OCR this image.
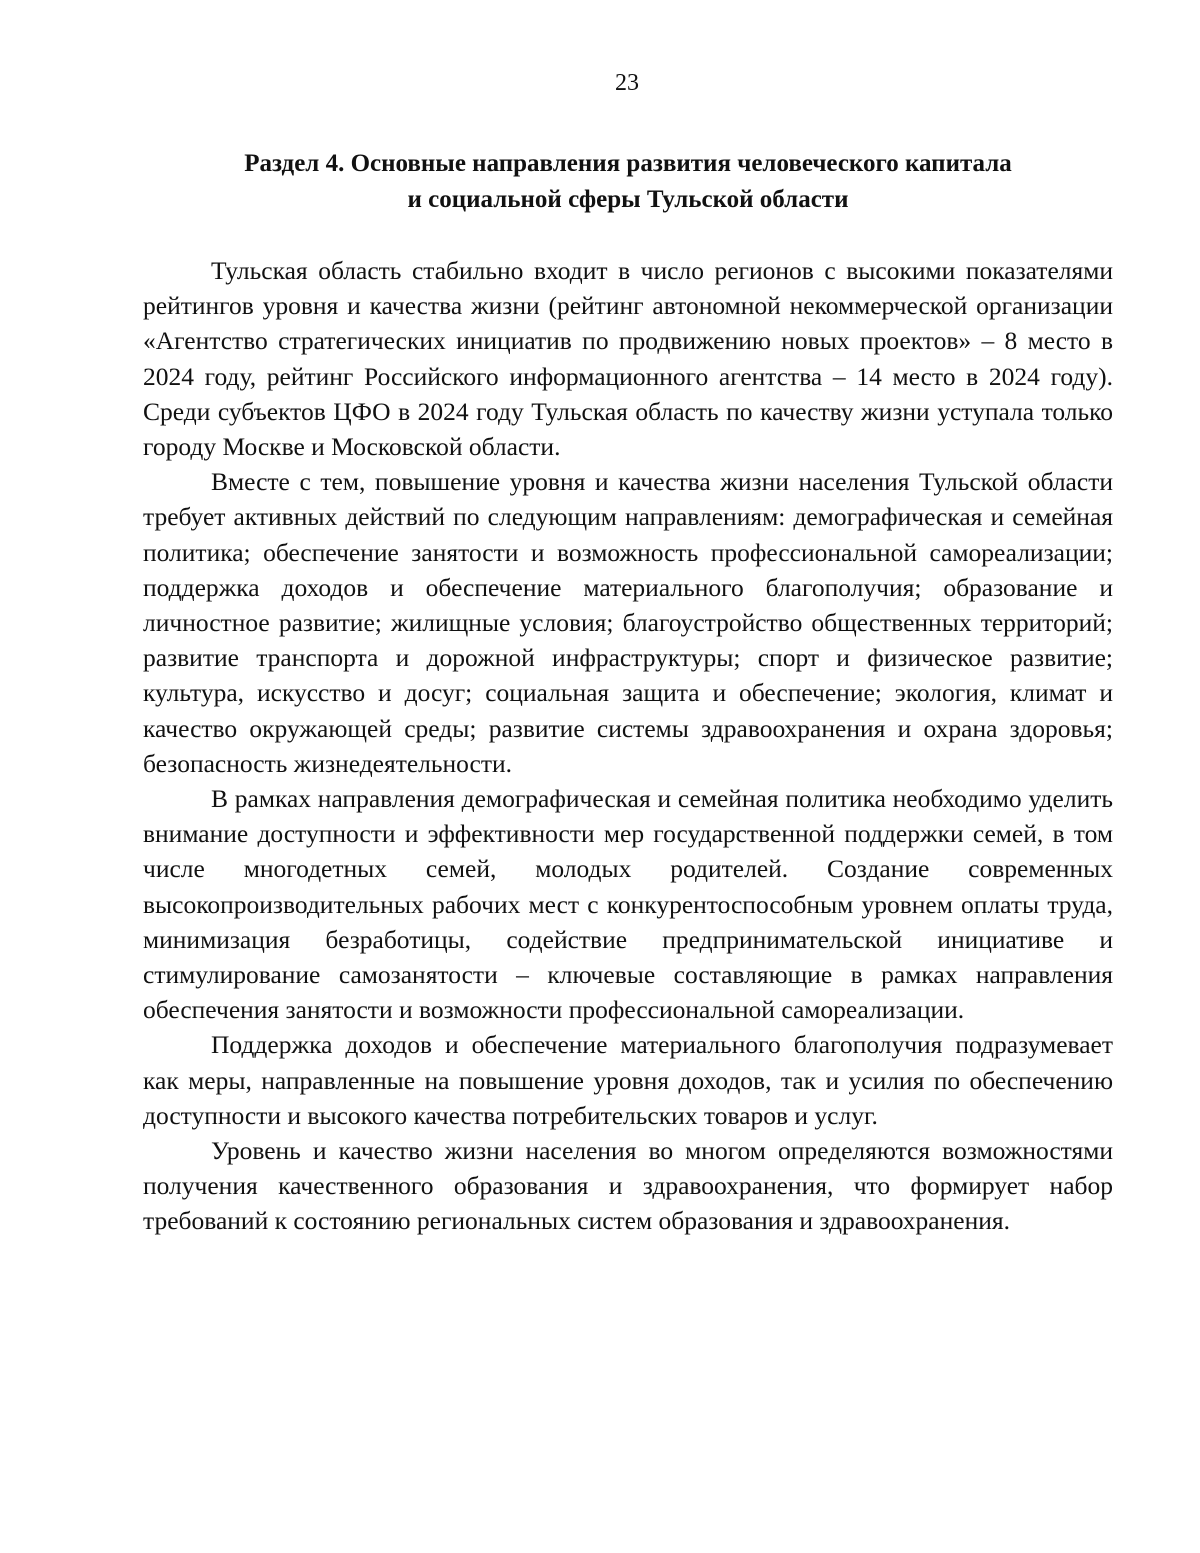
23
Раздел 4. Основные направления развития человеческого капитала
и социальной сферы Тульской области

Тульская область стабильно входит в число регионов с высокими показателями рейтингов уровня и качества жизни (рейтинг автономной некоммерческой организации «Агентство стратегических инициатив по продвижению новых проектов» – 8 место в 2024 году, рейтинг Российского информационного агентства – 14 место в 2024 году). Среди субъектов ЦФО в 2024 году Тульская область по качеству жизни уступала только городу Москве и Московской области.

Вместе с тем, повышение уровня и качества жизни населения Тульской области требует активных действий по следующим направлениям: демографическая и семейная политика; обеспечение занятости и возможность профессиональной самореализации; поддержка доходов и обеспечение материального благополучия; образование и личностное развитие; жилищные условия; благоустройство общественных территорий; развитие транспорта и дорожной инфраструктуры; спорт и физическое развитие; культура, искусство и досуг; социальная защита и обеспечение; экология, климат и качество окружающей среды; развитие системы здравоохранения и охрана здоровья; безопасность жизнедеятельности.

В рамках направления демографическая и семейная политика необходимо уделить внимание доступности и эффективности мер государственной поддержки семей, в том числе многодетных семей, молодых родителей. Создание современных высокопроизводительных рабочих мест с конкурентоспособным уровнем оплаты труда, минимизация безработицы, содействие предпринимательской инициативе и стимулирование самозанятости – ключевые составляющие в рамках направления обеспечения занятости и возможности профессиональной самореализации.

Поддержка доходов и обеспечение материального благополучия подразумевает как меры, направленные на повышение уровня доходов, так и усилия по обеспечению доступности и высокого качества потребительских товаров и услуг.

Уровень и качество жизни населения во многом определяются возможностями получения качественного образования и здравоохранения, что формирует набор требований к состоянию региональных систем образования и здравоохранения.
